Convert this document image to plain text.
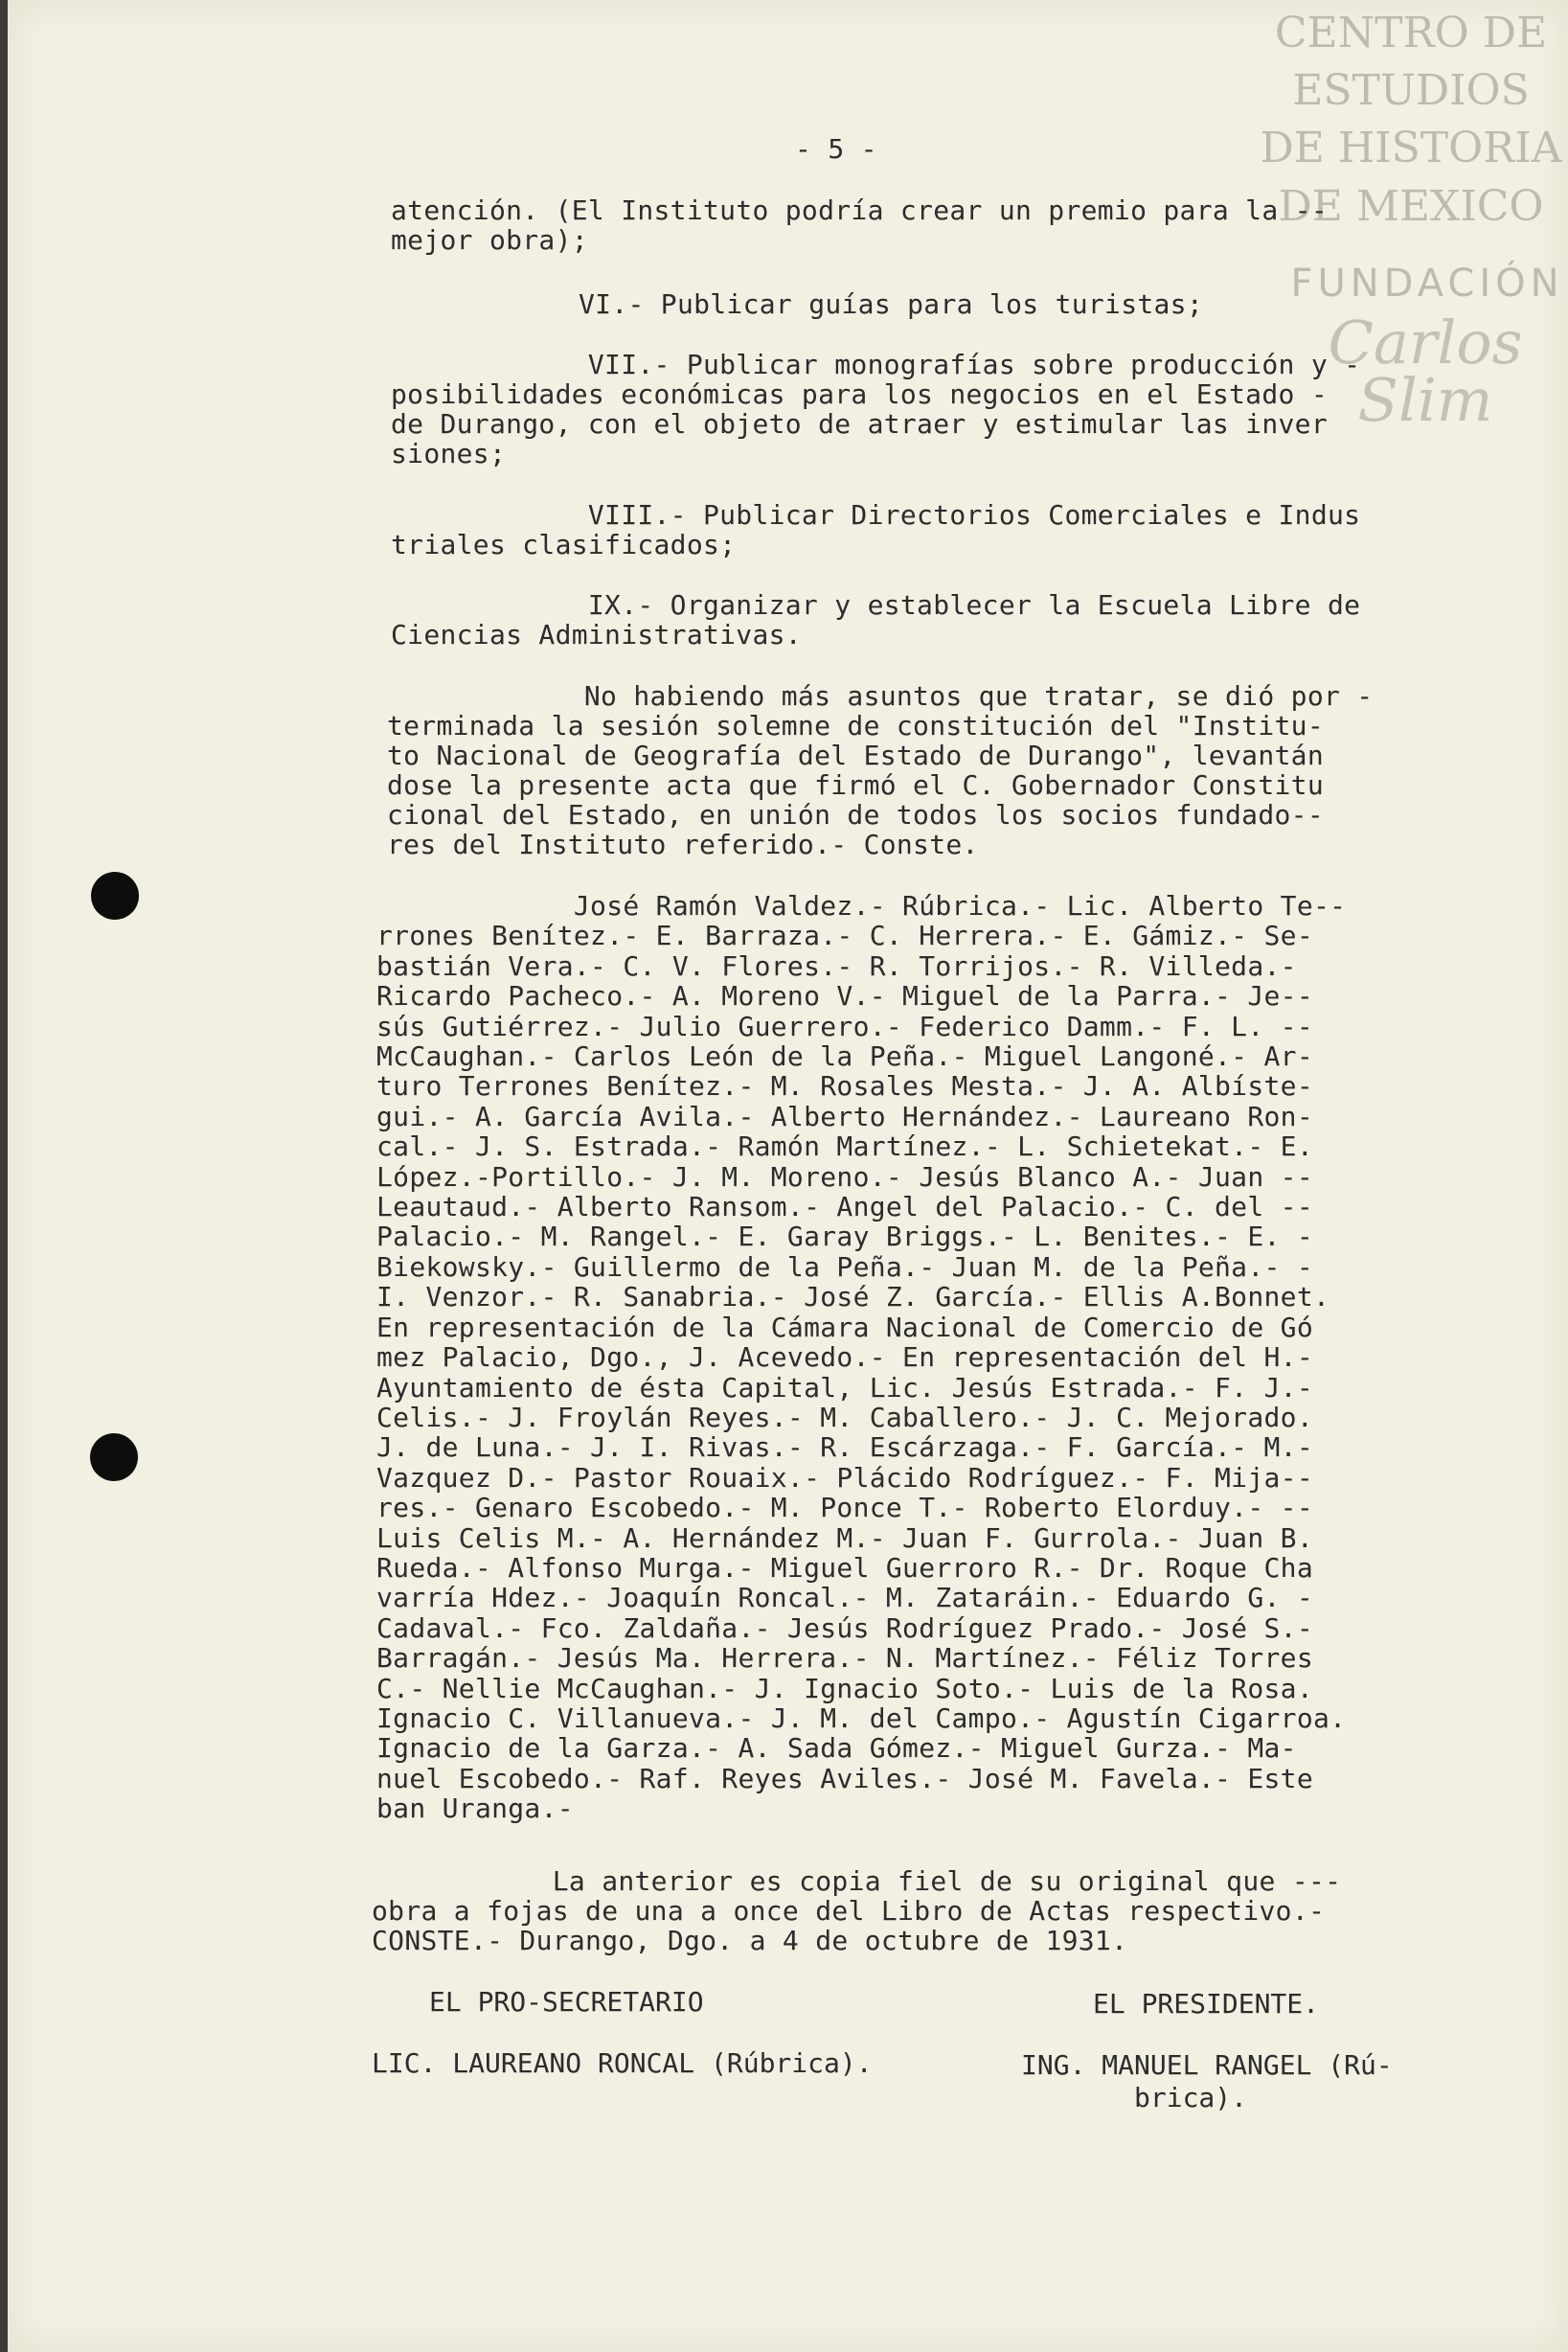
CENTRO DE
ESTUDIOS
DE HISTORIA
DE MEXICO
FUNDACIÓN
Carlos Slim
- 5 -
atención. (El Instituto podría crear un premio para la --
mejor obra);
VI.- Publicar guías para los turistas;
VII.- Publicar monografías sobre producción y -
posibilidades económicas para los negocios en el Estado -
de Durango, con el objeto de atraer y estimular las inver
siones;
VIII.- Publicar Directorios Comerciales e Indus
triales clasificados;
IX.- Organizar y establecer la Escuela Libre de
Ciencias Administrativas.
No habiendo más asuntos que tratar, se dió por -
terminada la sesión solemne de constitución del "Institu-
to Nacional de Geografía del Estado de Durango", levantán
dose la presente acta que firmó el C. Gobernador Constitu
cional del Estado, en unión de todos los socios fundado--
res del Instituto referido.- Conste.
José Ramón Valdez.- Rúbrica.- Lic. Alberto Te--
rrones Benítez.- E. Barraza.- C. Herrera.- E. Gámiz.- Se-
bastián Vera.- C. V. Flores.- R. Torrijos.- R. Villeda.-
Ricardo Pacheco.- A. Moreno V.- Miguel de la Parra.- Je--
sús Gutiérrez.- Julio Guerrero.- Federico Damm.- F. L. --
McCaughan.- Carlos León de la Peña.- Miguel Langoné.- Ar-
turo Terrones Benítez.- M. Rosales Mesta.- J. A. Albíste-
gui.- A. García Avila.- Alberto Hernández.- Laureano Ron-
cal.- J. S. Estrada.- Ramón Martínez.- L. Schietekat.- E.
López.-Portillo.- J. M. Moreno.- Jesús Blanco A.- Juan --
Leautaud.- Alberto Ransom.- Angel del Palacio.- C. del --
Palacio.- M. Rangel.- E. Garay Briggs.- L. Benites.- E. -
Biekowsky.- Guillermo de la Peña.- Juan M. de la Peña.- -
I. Venzor.- R. Sanabria.- José Z. García.- Ellis A.Bonnet.
En representación de la Cámara Nacional de Comercio de Gó
mez Palacio, Dgo., J. Acevedo.- En representación del H.-
Ayuntamiento de ésta Capital, Lic. Jesús Estrada.- F. J.-
Celis.- J. Froylán Reyes.- M. Caballero.- J. C. Mejorado.
J. de Luna.- J. I. Rivas.- R. Escárzaga.- F. García.- M.-
Vazquez D.- Pastor Rouaix.- Plácido Rodríguez.- F. Mija--
res.- Genaro Escobedo.- M. Ponce T.- Roberto Elorduy.- --
Luis Celis M.- A. Hernández M.- Juan F. Gurrola.- Juan B.
Rueda.- Alfonso Murga.- Miguel Guerroro R.- Dr. Roque Cha
varría Hdez.- Joaquín Roncal.- M. Zataráin.- Eduardo G. -
Cadaval.- Fco. Zaldaña.- Jesús Rodríguez Prado.- José S.-
Barragán.- Jesús Ma. Herrera.- N. Martínez.- Féliz Torres
C.- Nellie McCaughan.- J. Ignacio Soto.- Luis de la Rosa.
Ignacio C. Villanueva.- J. M. del Campo.- Agustín Cigarroa.
Ignacio de la Garza.- A. Sada Gómez.- Miguel Gurza.- Ma-
nuel Escobedo.- Raf. Reyes Aviles.- José M. Favela.- Este
ban Uranga.-
La anterior es copia fiel de su original que ---
obra a fojas de una a once del Libro de Actas respectivo.-
CONSTE.- Durango, Dgo. a 4 de octubre de 1931.
EL PRO-SECRETARIO	EL PRESIDENTE.
LIC. LAUREANO RONCAL (Rúbrica).	ING. MANUEL RANGEL (Rú-
brica).
